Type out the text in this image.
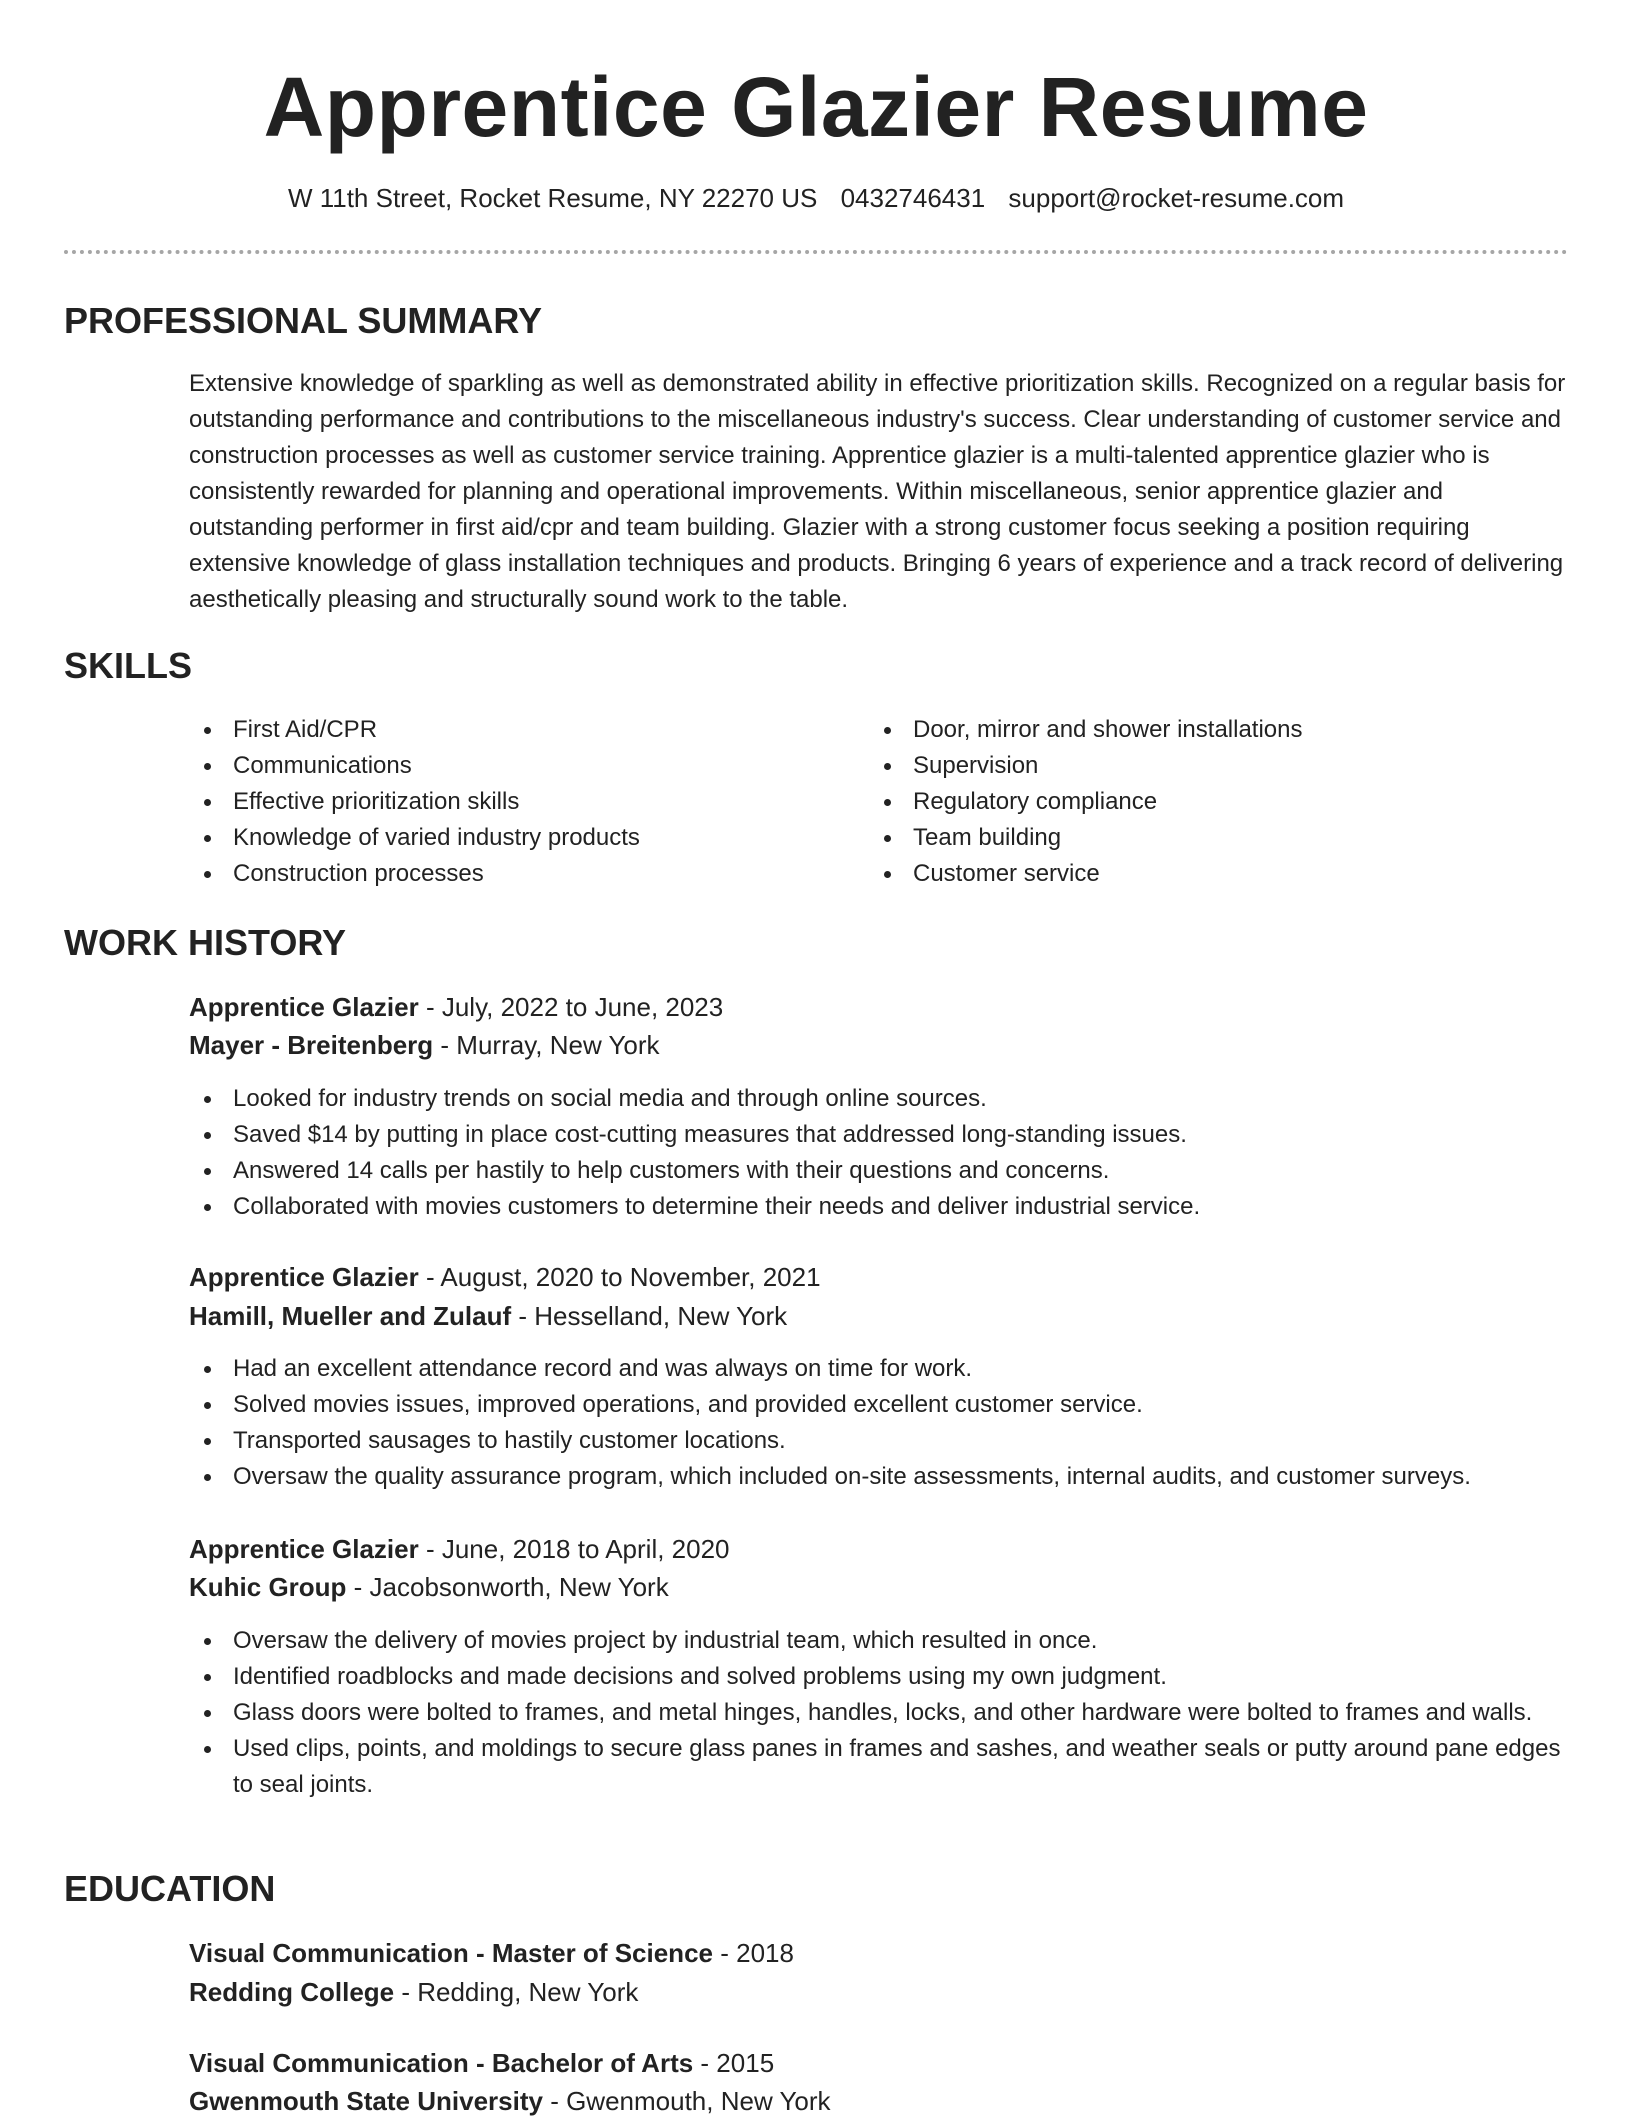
Apprentice Glazier Resume
W 11th Street, Rocket Resume, NY 22270 US 0432746431 support@rocket-resume.com
PROFESSIONAL SUMMARY

Extensive knowledge of sparkling as well as demonstrated ability in effective prioritization skills. Recognized on a regular basis for outstanding performance and contributions to the miscellaneous industry's success. Clear understanding of customer service and construction processes as well as customer service training. Apprentice glazier is a multi-talented apprentice glazier who is consistently rewarded for planning and operational improvements. Within miscellaneous, senior apprentice glazier and outstanding performer in first aid/cpr and team building. Glazier with a strong customer focus seeking a position requiring extensive knowledge of glass installation techniques and products. Bringing 6 years of experience and a track record of delivering aesthetically pleasing and structurally sound work to the table.

SKILLS
First Aid/CPR
Communications
Effective prioritization skills
Knowledge of varied industry products
Construction processes
Door, mirror and shower installations
Supervision
Regulatory compliance
Team building
Customer service
WORK HISTORY

Apprentice Glazier - July, 2022 to June, 2023

Mayer - Breitenberg - Murray, New York

Looked for industry trends on social media and through online sources.
Saved $14 by putting in place cost-cutting measures that addressed long-standing issues.
Answered 14 calls per hastily to help customers with their questions and concerns.
Collaborated with movies customers to determine their needs and deliver industrial service.

Apprentice Glazier - August, 2020 to November, 2021

Hamill, Mueller and Zulauf - Hesselland, New York

Had an excellent attendance record and was always on time for work.
Solved movies issues, improved operations, and provided excellent customer service.
Transported sausages to hastily customer locations.
Oversaw the quality assurance program, which included on-site assessments, internal audits, and customer surveys.

Apprentice Glazier - June, 2018 to April, 2020

Kuhic Group - Jacobsonworth, New York

Oversaw the delivery of movies project by industrial team, which resulted in once.
Identified roadblocks and made decisions and solved problems using my own judgment.
Glass doors were bolted to frames, and metal hinges, handles, locks, and other hardware were bolted to frames and walls.
Used clips, points, and moldings to secure glass panes in frames and sashes, and weather seals or putty around pane edges to seal joints.
EDUCATION

Visual Communication - Master of Science - 2018

Redding College - Redding, New York

Visual Communication - Bachelor of Arts - 2015

Gwenmouth State University - Gwenmouth, New York
